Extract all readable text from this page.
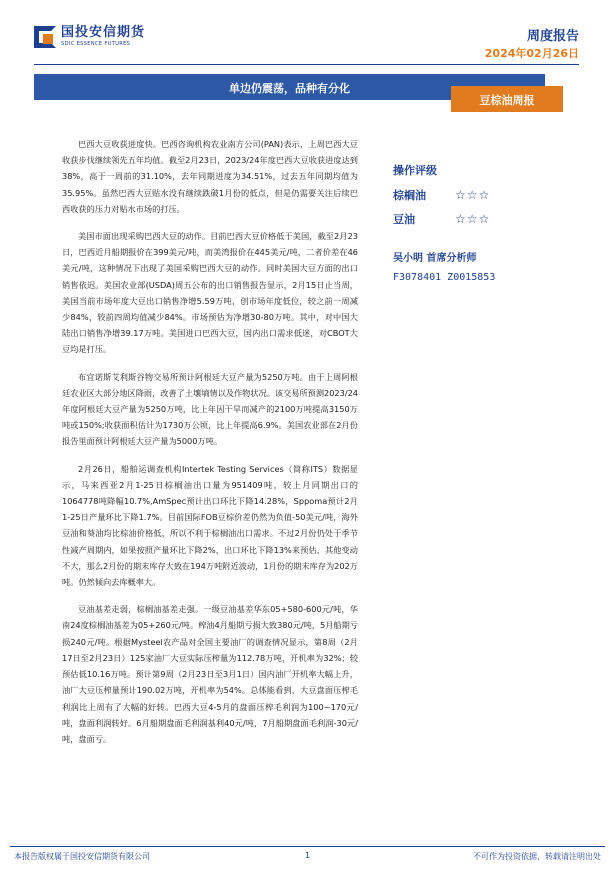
国投安信期货
SDIC ESSENCE FUTURES	周度报告
2024年02月26日
单边仍震荡，品种有分化
豆棕油周报

巴西大豆收获进度快。巴西咨询机构农业南方公司(PAN)表示，上周巴西大豆收获步伐继续领先五年均值。截至2月23日，2023/24年度巴西大豆收获进度达到38%，高于一周前的31.10%，去年同期进度为34.51%，过去五年同期均值为35.95%。虽然巴西大豆贴水没有继续跌破1月份的低点，但是仍需要关注后续巴西收获的压力对贴水市场的打压。

美国市面出现采购巴西大豆的动作。目前巴西大豆价格低于美国，截至2月23日，巴西近月船期报价在399美元/吨，而美湾报价在445美元/吨，二者价差在46美元/吨，这种情况下出现了美国采购巴西大豆的动作。同时美国大豆方面的出口销售依迟。美国农业部(USDA)周五公布的出口销售报告显示，2月15日止当周，美国当前市场年度大豆出口销售净增5.59万吨，创市场年度低位，较之前一周减少84%，较前四周均值减少84%。市场预估为净增30-80万吨。其中，对中国大陆出口销售净增39.17万吨。美国进口巴西大豆，国内出口需求低迷，对CBOT大豆均是打压。

布宜诺斯艾利斯谷物交易所预计阿根廷大豆产量为5250万吨。由于上周阿根廷农业区大部分地区降雨，改善了土壤墒情以及作物状况。该交易所预测2023/24年度阿根廷大豆产量为5250万吨，比上年因干旱而减产的2100万吨提高3150万吨或150%;收获面积估计为1730万公顷，比上年提高6.9%。美国农业部在2月份报告里面预计阿根廷大豆产量为5000万吨。

2月26日，船舶运调查机构Intertek Testing Services（简称ITS）数据显示，马来西亚2月1-25日棕榈油出口量为951409吨，较上月同期出口的1064778吨降幅10.7%,AmSpec预计出口环比下降14.28%，Sppoma预计2月1-25日产量环比下降1.7%。目前国际FOB豆棕价差仍然为负值-50美元/吨，海外豆油和葵油均比棕油价格低，所以不利于棕榈油出口需求。不过2月份仍处于季节性减产周期内，如果按照产量环比下降2%，出口环比下降13%来预估，其他变动不大，那么2月份的期末库存大致在194万吨附近波动，1月份的期末库存为202万吨。仍然倾向去库概率大。

豆油基差走弱，棕榈油基差走强。一级豆油基差华东05+580-600元/吨，华南24度棕榈油基差为05+260元/吨。榨油4月船期亏损大致380元/吨，5月船期亏损240元/吨。根据Mysteel农产品对全国主要油厂的调查情况显示，第8周（2月17日至2月23日）125家油厂大豆实际压榨量为112.78万吨，开机率为32%；较预估低10.16万吨。预计第9周（2月23日至3月1日）国内油厂开机率大幅上升，油厂大豆压榨量预计190.02万吨，开机率为54%。总体能看到，大豆盘面压榨毛利润比上周有了大幅的好转。巴西大豆4-5月的盘面压榨毛利润为100~170元/吨，盘面利润转好。6月船期盘面毛利润基利40元/吨，7月船期盘面毛利润-30元/吨，盘面亏。

操作评级
棕榈油	☆☆☆
豆油	☆☆☆
吴小明 首席分析师
F3078401 Z0015853
本报告版权属于国投安信期货有限公司	1	不可作为投资依据，转载请注明出处
